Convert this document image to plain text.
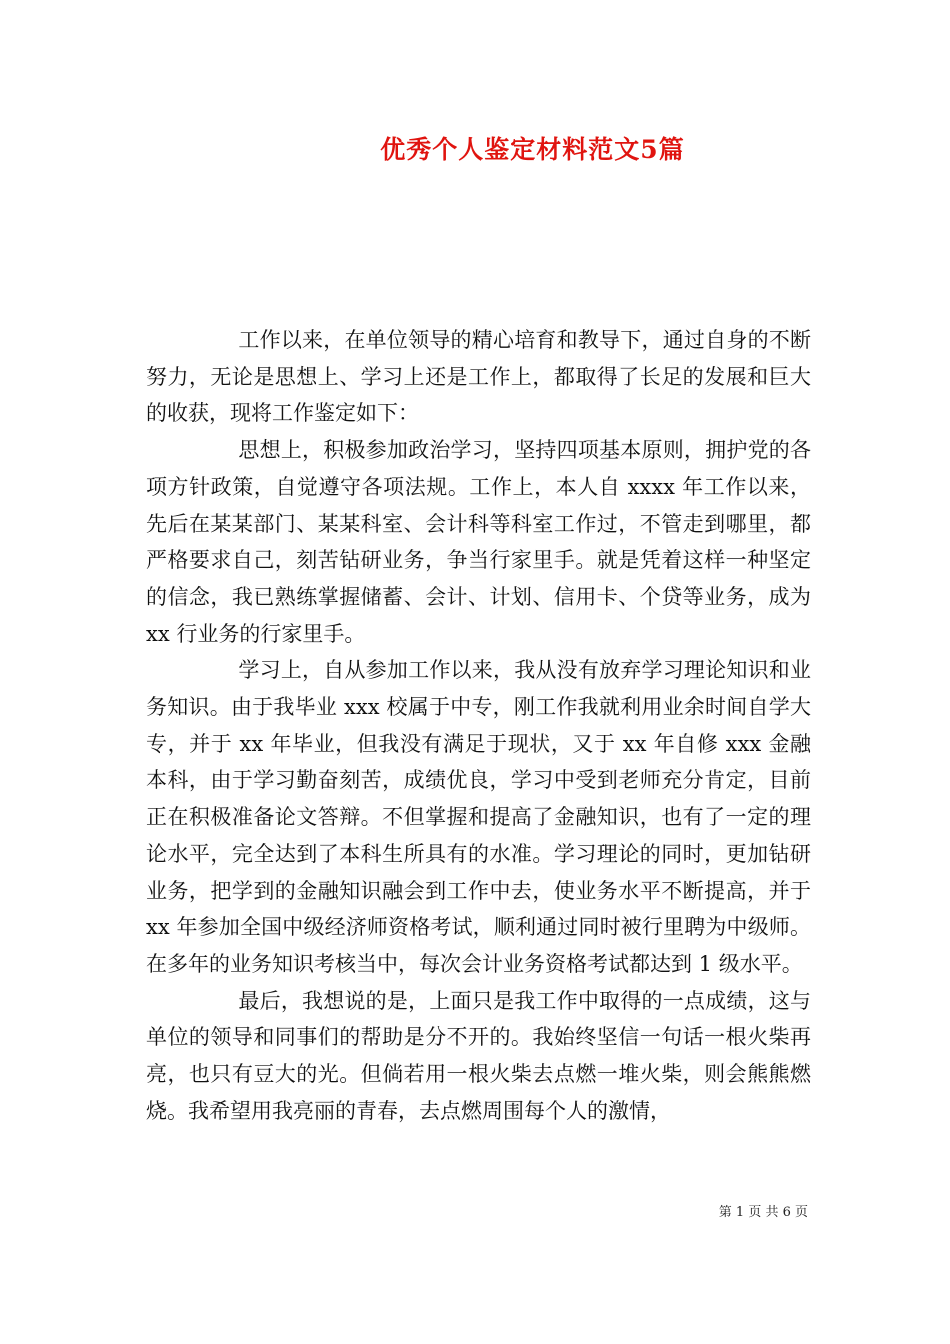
优秀个人鉴定材料范文5篇

工作以来，在单位领导的精心培育和教导下，通过自身的不断努力，无论是思想上、学习上还是工作上，都取得了长足的发展和巨大的收获，现将工作鉴定如下：

思想上，积极参加政治学习，坚持四项基本原则，拥护党的各项方针政策，自觉遵守各项法规。工作上，本人自 xxxx 年工作以来，先后在某某部门、某某科室、会计科等科室工作过，不管走到哪里，都严格要求自己，刻苦钻研业务，争当行家里手。就是凭着这样一种坚定的信念，我已熟练掌握储蓄、会计、计划、信用卡、个贷等业务，成为 xx 行业务的行家里手。

学习上，自从参加工作以来，我从没有放弃学习理论知识和业务知识。由于我毕业 xxx 校属于中专，刚工作我就利用业余时间自学大专，并于 xx 年毕业，但我没有满足于现状，又于 xx 年自修 xxx 金融本科，由于学习勤奋刻苦，成绩优良，学习中受到老师充分肯定，目前正在积极准备论文答辩。不但掌握和提高了金融知识，也有了一定的理论水平，完全达到了本科生所具有的水准。学习理论的同时，更加钻研业务，把学到的金融知识融会到工作中去，使业务水平不断提高，并于 xx 年参加全国中级经济师资格考试，顺利通过同时被行里聘为中级师。在多年的业务知识考核当中，每次会计业务资格考试都达到 1 级水平。

最后，我想说的是，上面只是我工作中取得的一点成绩，这与单位的领导和同事们的帮助是分不开的。我始终坚信一句话一根火柴再亮，也只有豆大的光。但倘若用一根火柴去点燃一堆火柴，则会熊熊燃烧。我希望用我亮丽的青春，去点燃周围每个人的激情，

第 1 页 共 6 页
